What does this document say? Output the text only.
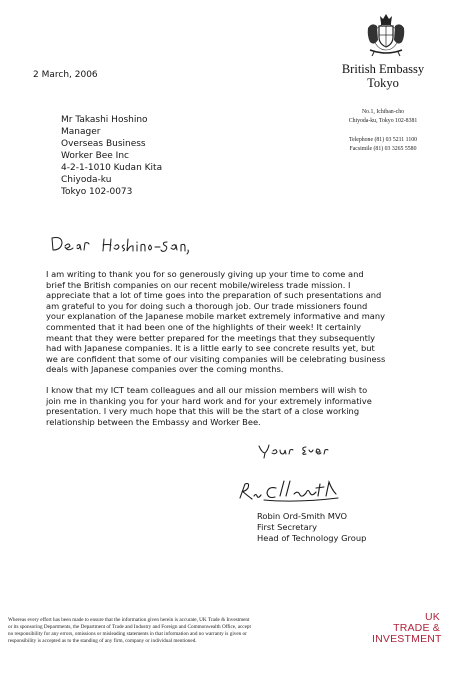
British Embassy
Tokyo
No.1, Ichiban-cho
Chiyoda-ku, Tokyo 102-8381
Telephone (81) 03 5211 1100
Facsimile (81) 03 3265 5580
2 March, 2006
Mr Takashi Hoshino
Manager
Overseas Business
Worker Bee Inc
4-2-1-1010 Kudan Kita
Chiyoda-ku
Tokyo 102-0073
I am writing to thank you for so generously giving up your time to come and
brief the British companies on our recent mobile/wireless trade mission. I
appreciate that a lot of time goes into the preparation of such presentations and
am grateful to you for doing such a thorough job. Our trade missioners found
your explanation of the Japanese mobile market extremely informative and many
commented that it had been one of the highlights of their week! It certainly
meant that they were better prepared for the meetings that they subsequently
had with Japanese companies. It is a little early to see concrete results yet, but
we are confident that some of our visiting companies will be celebrating business
deals with Japanese companies over the coming months.
I know that my ICT team colleagues and all our mission members will wish to
join me in thanking you for your hard work and for your extremely informative
presentation. I very much hope that this will be the start of a close working
relationship between the Embassy and Worker Bee.
Robin Ord-Smith MVO
First Secretary
Head of Technology Group
Whereas every effort has been made to ensure that the information given herein is accurate, UK Trade & Investment
or its sponsoring Departments, the Department of Trade and Industry and Foreign and Commonwealth Office, accept
no responsibility for any errors, omissions or misleading statements in that information and no warranty is given or
responsibility is accepted as to the standing of any firm, company or individual mentioned.
UK
TRADE &
INVESTMENT
